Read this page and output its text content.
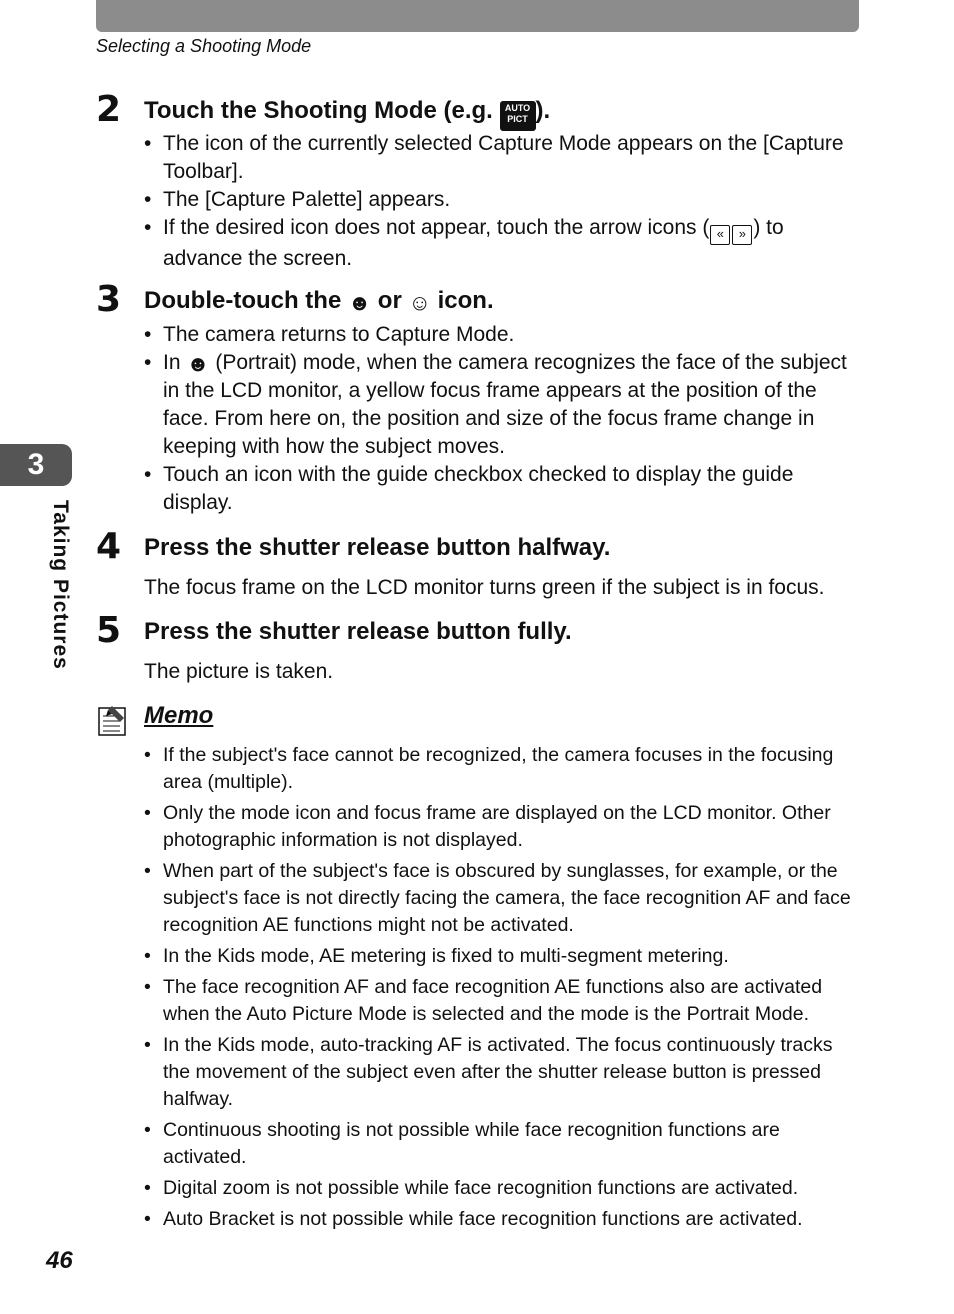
Selecting a Shooting Mode
3
Taking Pictures
2 Touch the Shooting Mode (e.g. AUTO
PICT ).
• The icon of the currently selected Capture Mode appears on the [Capture Toolbar].
• The [Capture Palette] appears.
• If the desired icon does not appear, touch the arrow icons ( « » ) to advance the screen.
3 Double-touch the ☻ or ☺ icon.
• The camera returns to Capture Mode.
• In ☻ (Portrait) mode, when the camera recognizes the face of the subject in the LCD monitor, a yellow focus frame appears at the position of the face. From here on, the position and size of the focus frame change in keeping with how the subject moves.
• Touch an icon with the guide checkbox checked to display the guide display.
4 Press the shutter release button halfway.
The focus frame on the LCD monitor turns green if the subject is in focus.
5 Press the shutter release button fully.
The picture is taken.
Memo
• If the subject's face cannot be recognized, the camera focuses in the focusing area (multiple).
• Only the mode icon and focus frame are displayed on the LCD monitor. Other photographic information is not displayed.
• When part of the subject's face is obscured by sunglasses, for example, or the subject's face is not directly facing the camera, the face recognition AF and face recognition AE functions might not be activated.
• In the Kids mode, AE metering is fixed to multi-segment metering.
• The face recognition AF and face recognition AE functions also are activated when the Auto Picture Mode is selected and the mode is the Portrait Mode.
• In the Kids mode, auto-tracking AF is activated. The focus continuously tracks the movement of the subject even after the shutter release button is pressed halfway.
• Continuous shooting is not possible while face recognition functions are activated.
• Digital zoom is not possible while face recognition functions are activated.
• Auto Bracket is not possible while face recognition functions are activated.
46
